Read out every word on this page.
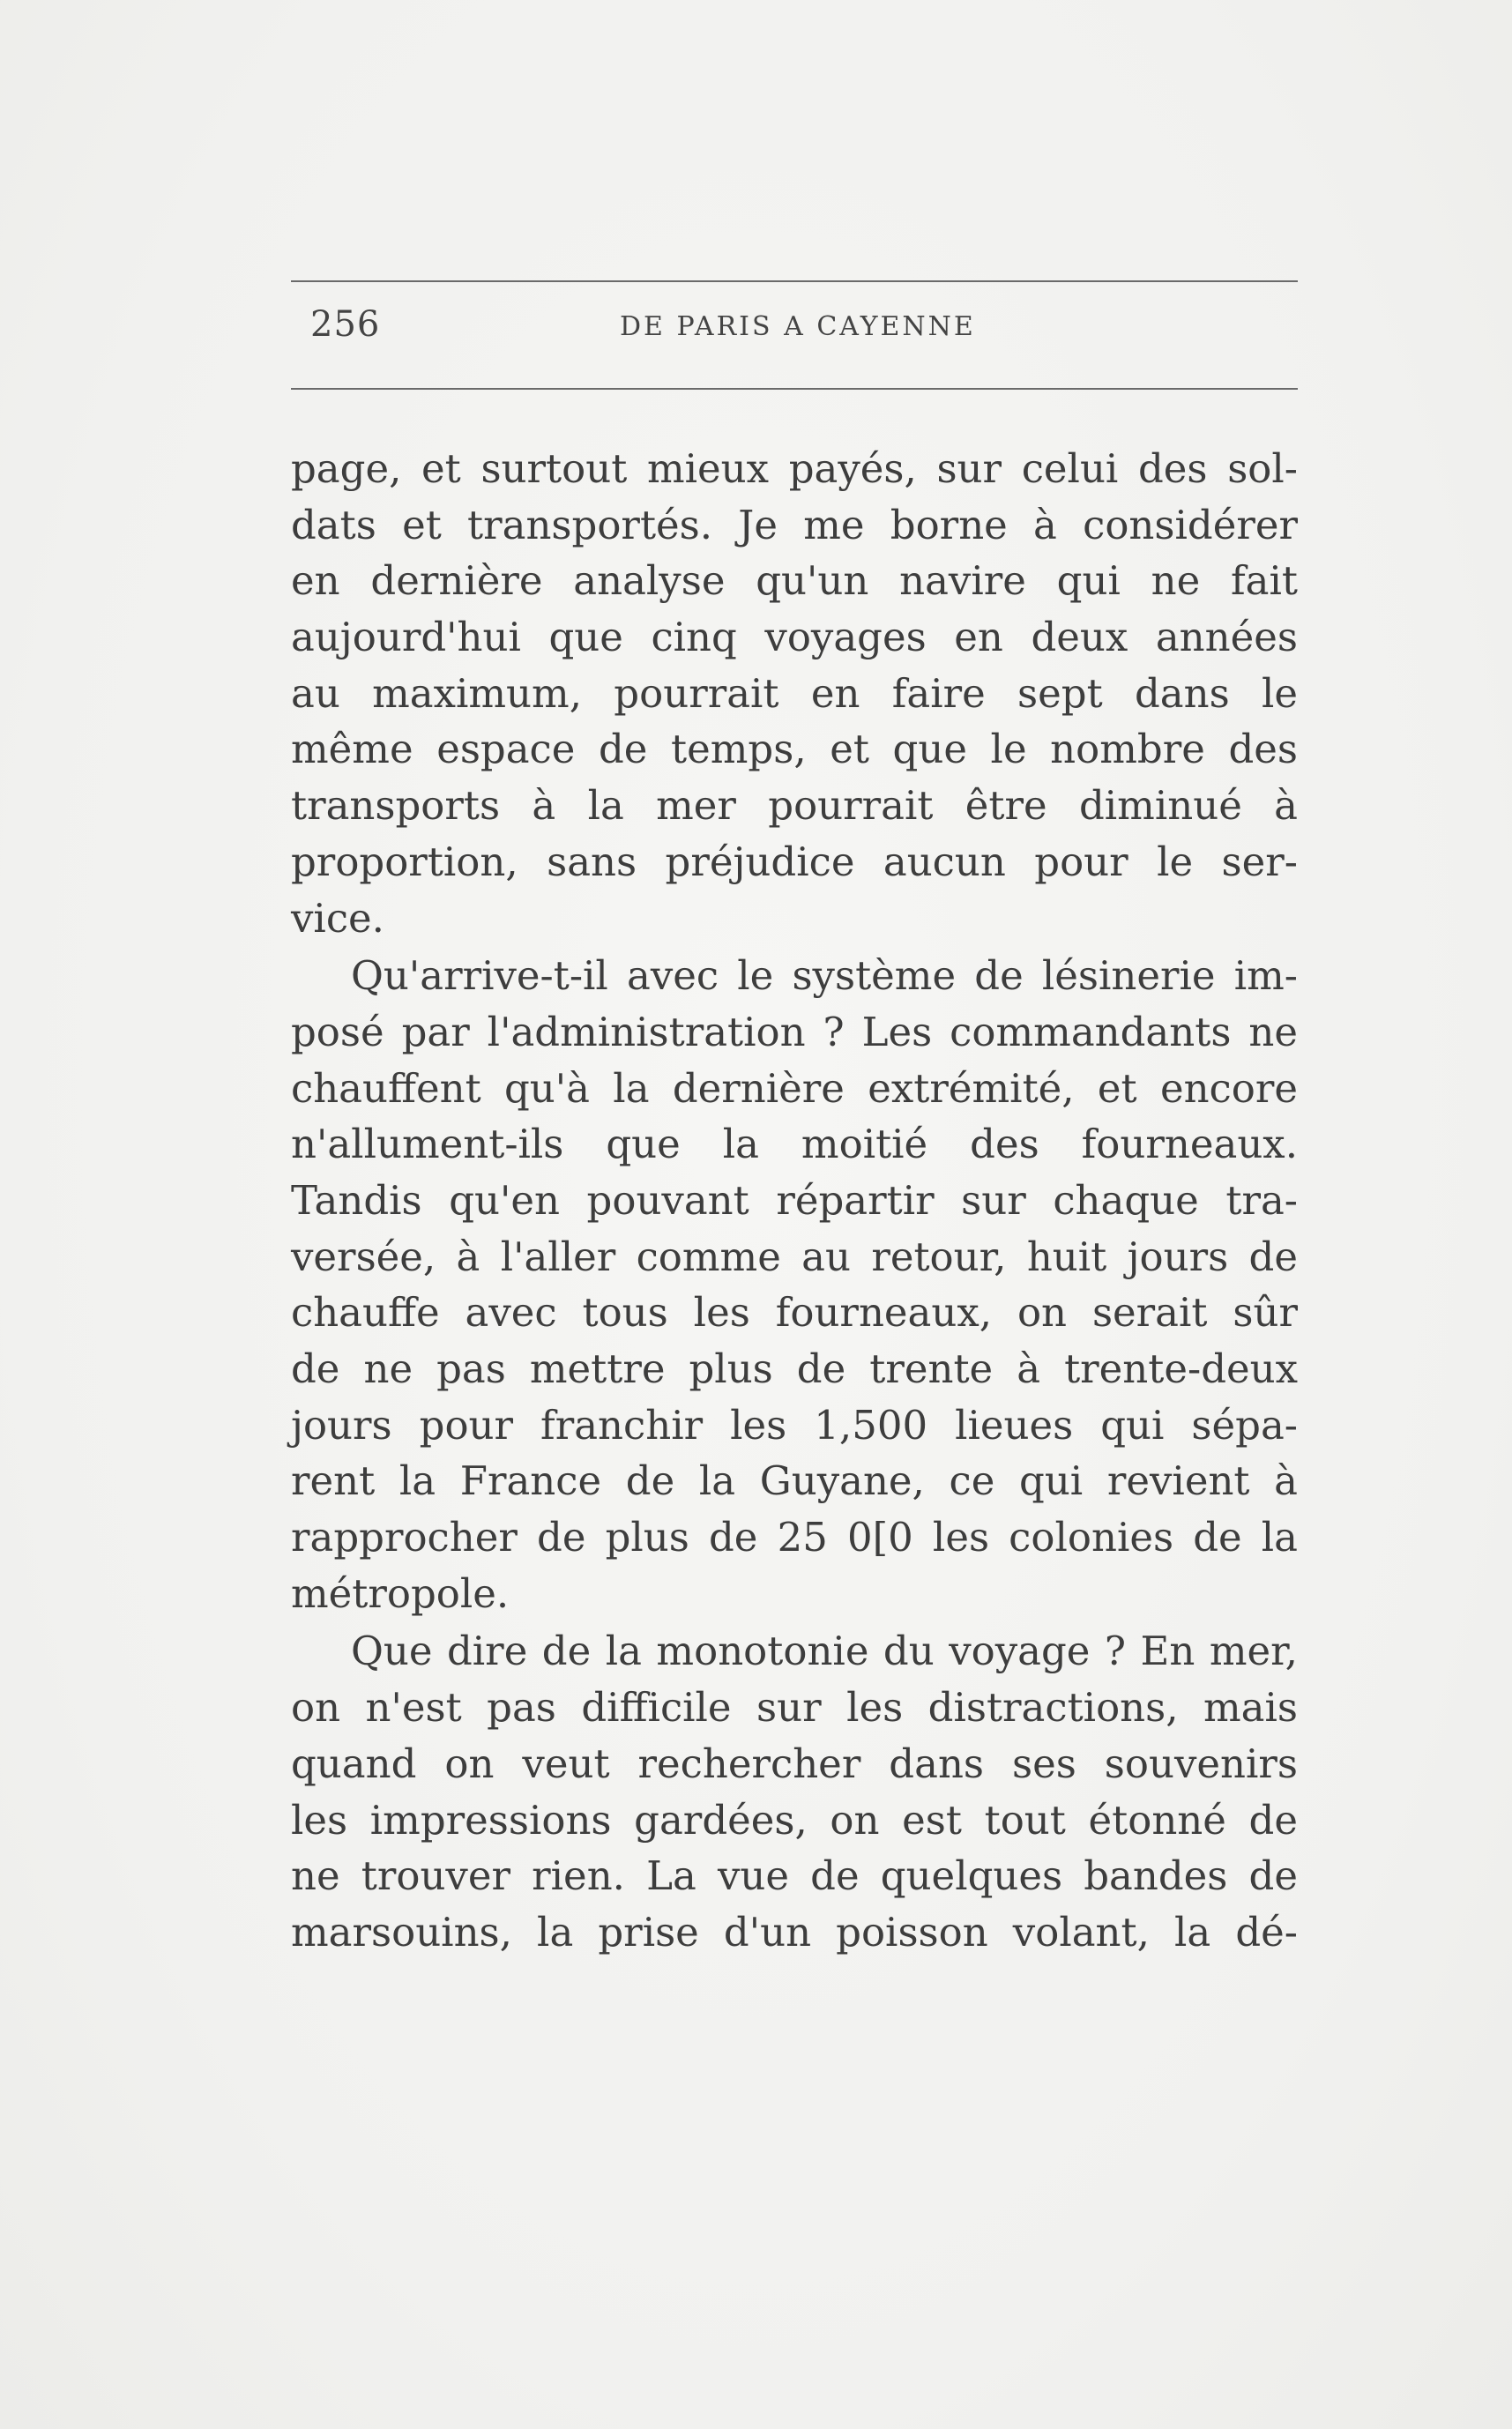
256	DE PARIS A CAYENNE
page, et surtout mieux payés, sur celui des sol-
dats et transportés. Je me borne à considérer
en dernière analyse qu'un navire qui ne fait
aujourd'hui que cinq voyages en deux années
au maximum, pourrait en faire sept dans le
même espace de temps, et que le nombre des
transports à la mer pourrait être diminué à
proportion, sans préjudice aucun pour le ser-
vice.
Qu'arrive-t-il avec le système de lésinerie im-
posé par l'administration ? Les commandants ne
chauffent qu'à la dernière extrémité, et encore
n'allument-ils que la moitié des fourneaux.
Tandis qu'en pouvant répartir sur chaque tra-
versée, à l'aller comme au retour, huit jours de
chauffe avec tous les fourneaux, on serait sûr
de ne pas mettre plus de trente à trente-deux
jours pour franchir les 1,500 lieues qui sépa-
rent la France de la Guyane, ce qui revient à
rapprocher de plus de 25 0[0 les colonies de la
métropole.
Que dire de la monotonie du voyage ? En mer,
on n'est pas difficile sur les distractions, mais
quand on veut rechercher dans ses souvenirs
les impressions gardées, on est tout étonné de
ne trouver rien. La vue de quelques bandes de
marsouins, la prise d'un poisson volant, la dé-
